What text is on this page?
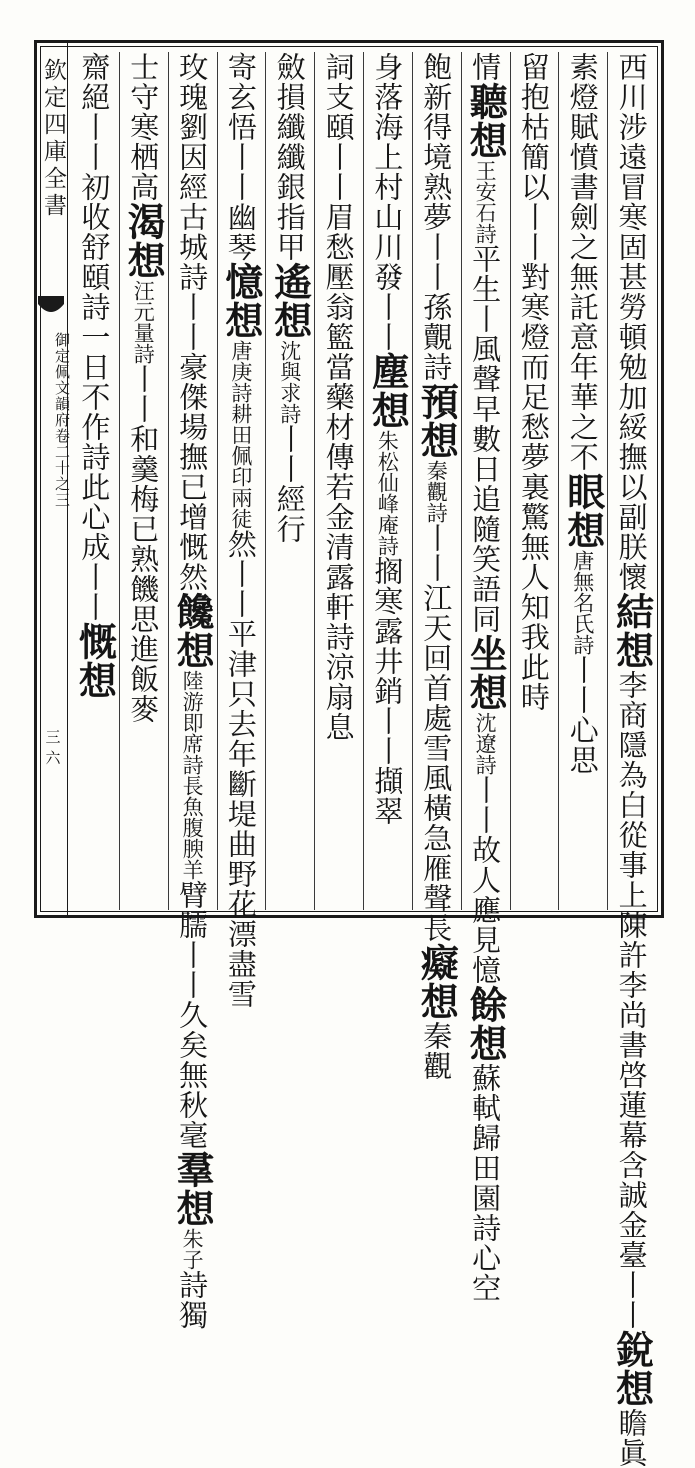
欽定四庫全書
御定佩文韻府卷二十之三
三六
西川涉遠冒寒固甚勞頓勉加綏撫以副朕懷結想李商隱為白從事上陳許李尚書啓蓮幕含誠金臺丨丨銳想瞻眞
素燈賦憤書劍之無託意年華之不眼想唐無名氏詩丨丨心思
留抱枯簡以丨丨對寒燈而足愁夢裏驚無人知我此時
情聽想王安石詩平生丨風聲早數日追隨笑語同坐想沈遼詩丨丨故人應見憶餘想蘇軾歸田園詩心空
飽新得境熟夢丨丨孫覿詩預想秦觀詩丨丨江天回首處雪風橫急雁聲長癡想秦觀
身落海上村山川發丨丨塵想朱松仙峰庵詩搁寒露井銷丨丨擷翠
詞支頤丨丨眉愁壓翁籃當藥材傳若金清露軒詩涼扇息
斂損纖纖銀指甲遙想沈與求詩丨丨經行
寄玄悟丨丨幽琴憶想唐庚詩耕田佩印兩徒然丨丨平津只去年斷堤曲野花漂盡雪
玫瑰劉因經古城詩丨丨豪傑場撫已增慨然饞想陸游即席詩長魚腹腴羊臂臑丨丨久矣無秋毫羣想朱子詩獨
士守寒栖高渴想汪元量詩丨丨和羹梅已熟饑思進飯麥
齋絕丨丨初收舒頤詩一日不作詩此心成丨丨慨想
